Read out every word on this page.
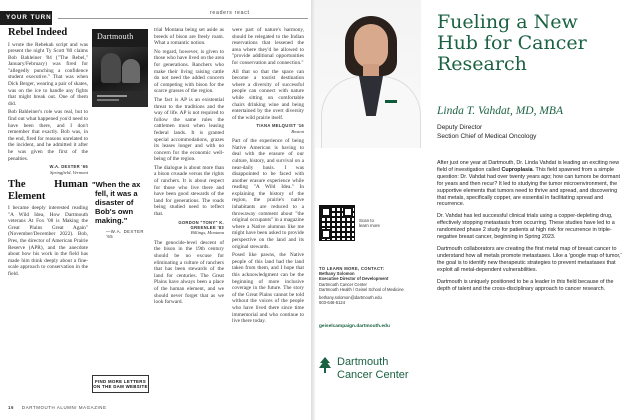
YOUR TURN
readers react
Rebel Indeed

I wrote the Rebekah script and was present the night Ty Scott '80 claims Bob Bahleiner '84 ("The Rebel," January/February) was fired for "allegedly punching a confidence student executive." That was when Dick Berger, wearing a pair of skates, was on the ice to handle any fights that might break out. One of them did.

Bob Bahleiner's role was real, but to find out what happened you'd need to have been there, and I don't remember that exactly. Bob was, in the end, fired for reasons unrelated to the incident, and he admitted it after he was given the first of the penalties.

W.A. DEXTER '65
Springfield, Vermont
The Human Element

I became deeply interested reading "A Wild Idea, How Dartmouth veterans At Fox '08 is Making the Great Plains Great Again" (November/December 2022). Bob, Pres, the director of American Prairie Reserve (APR), and the anecdote about how his work in the field has made him think deeply about a fine-scale approach to conservation in the field.

Dartmouth
"When the ax fell, it was a disaster of Bob's own making."
—W.A. DEXTER '65
FIND MORE LETTERS ON THE DAM WEBSITE

trial Montana being set aside as breeds of bison are freely roam. What a romantic notion.

No regard, however, is given to those who have lived on the area for generations. Ranchers who make their living raising cattle do not need the added concern of competing with bison for the scarce grasses of the region.

The fact is AP is an existential threat to the traditions and the way of life. AP is not required to follow the same rules the cattlemen must when leasing federal lands. It is granted special accommodations, grazes its leases longer and with no concern for the economic well-being of the region.

The dialogue is about more than a bison crusade versus the rights of ranchers. It is about respect for those who live there and have been good stewards of the land for generations. The roads being studied need to reflect that.

GORDON "TONY" K. GREENLEE '83
Billings, Montana

The genocide-level descent of the bison in the 19th century should be no excuse for eliminating a culture of ranchers that has been stewards of the land for centuries. The Great Plains have always been a place of the human element, and we should never forget that as we look forward.

were part of nature's harmony, should be relegated to the Indian reservations that lessened the area where they'd be allowed to "provide additional opportunities for conservation and connection."

All that so that the space can become a tourist destination where a diversity of successful people can connect with nature while sitting on comfortable chairs drinking wine and being entertained by the overt diversity of the wild prairie itself.

TIANA MELQUIST '16
Boston

Part of the experience of being Native American is having to deal with the erasure of our culture, history, and survival on a near-daily basis. I was disappointed to be faced with another erasure experience while reading "A Wild Idea." In explaining the history of the region, the prairie's native inhabitants are reduced to a throwaway comment about "the original occupants" in a magazine where a Native alumnus like me might have been asked to provide perspective on the land and its original stewards.

Posed like pawns, the Native people of this land had the land taken from them, and I hope that this acknowledgment can be the beginning of more inclusive coverage in the future. The story of the Great Plains cannot be told without the voices of the people who have lived there since time immemorial and who continue to live there today.

16 DARTMOUTH ALUMNI MAGAZINE
Fueling a New Hub for Cancer Research
Linda T. Vahdat, MD, MBA
Deputy Director
Section Chief of Medical Oncology

After just one year at Dartmouth, Dr. Linda Vahdat is leading an exciting new field of investigation called Cuproplasia. This field spawned from a simple question: Dr. Vahdat had over twenty years ago; how can tumors be dormant for years and then recur? It led to studying the tumor microenvironment, the supportive elements that tumors need to thrive and spread, and discovering that metals, specifically copper, are essential in facilitating spread and recurrence.

Dr. Vahdat has led successful clinical trials using a copper-depleting drug, effectively stopping metastasis from occurring. These studies have led to a randomized phase 2 study for patients at high risk for recurrence in triple-negative breast cancer, beginning in Spring 2023.

Dartmouth collaborators are creating the first metal map of breast cancer to understand how all metals promote metastases. Like a 'google map of tumor,' the goal is to identify new therapeutic strategies to prevent metastases that exploit all metal-dependent vulnerabilities.

Dartmouth is uniquely positioned to be a leader in this field because of the depth of talent and the cross-disciplinary approach to cancer research.

Scan to
learn more
TO LEARN MORE, CONTACT:
Bethany Solomon
Executive Director of Development
Dartmouth Cancer Center
Dartmouth Health / Geisel School of Medicine
bethany.solomon@dartmouth.edu
603-646-5124
geiselcampaign.dartmouth.edu
Dartmouth
Cancer Center
